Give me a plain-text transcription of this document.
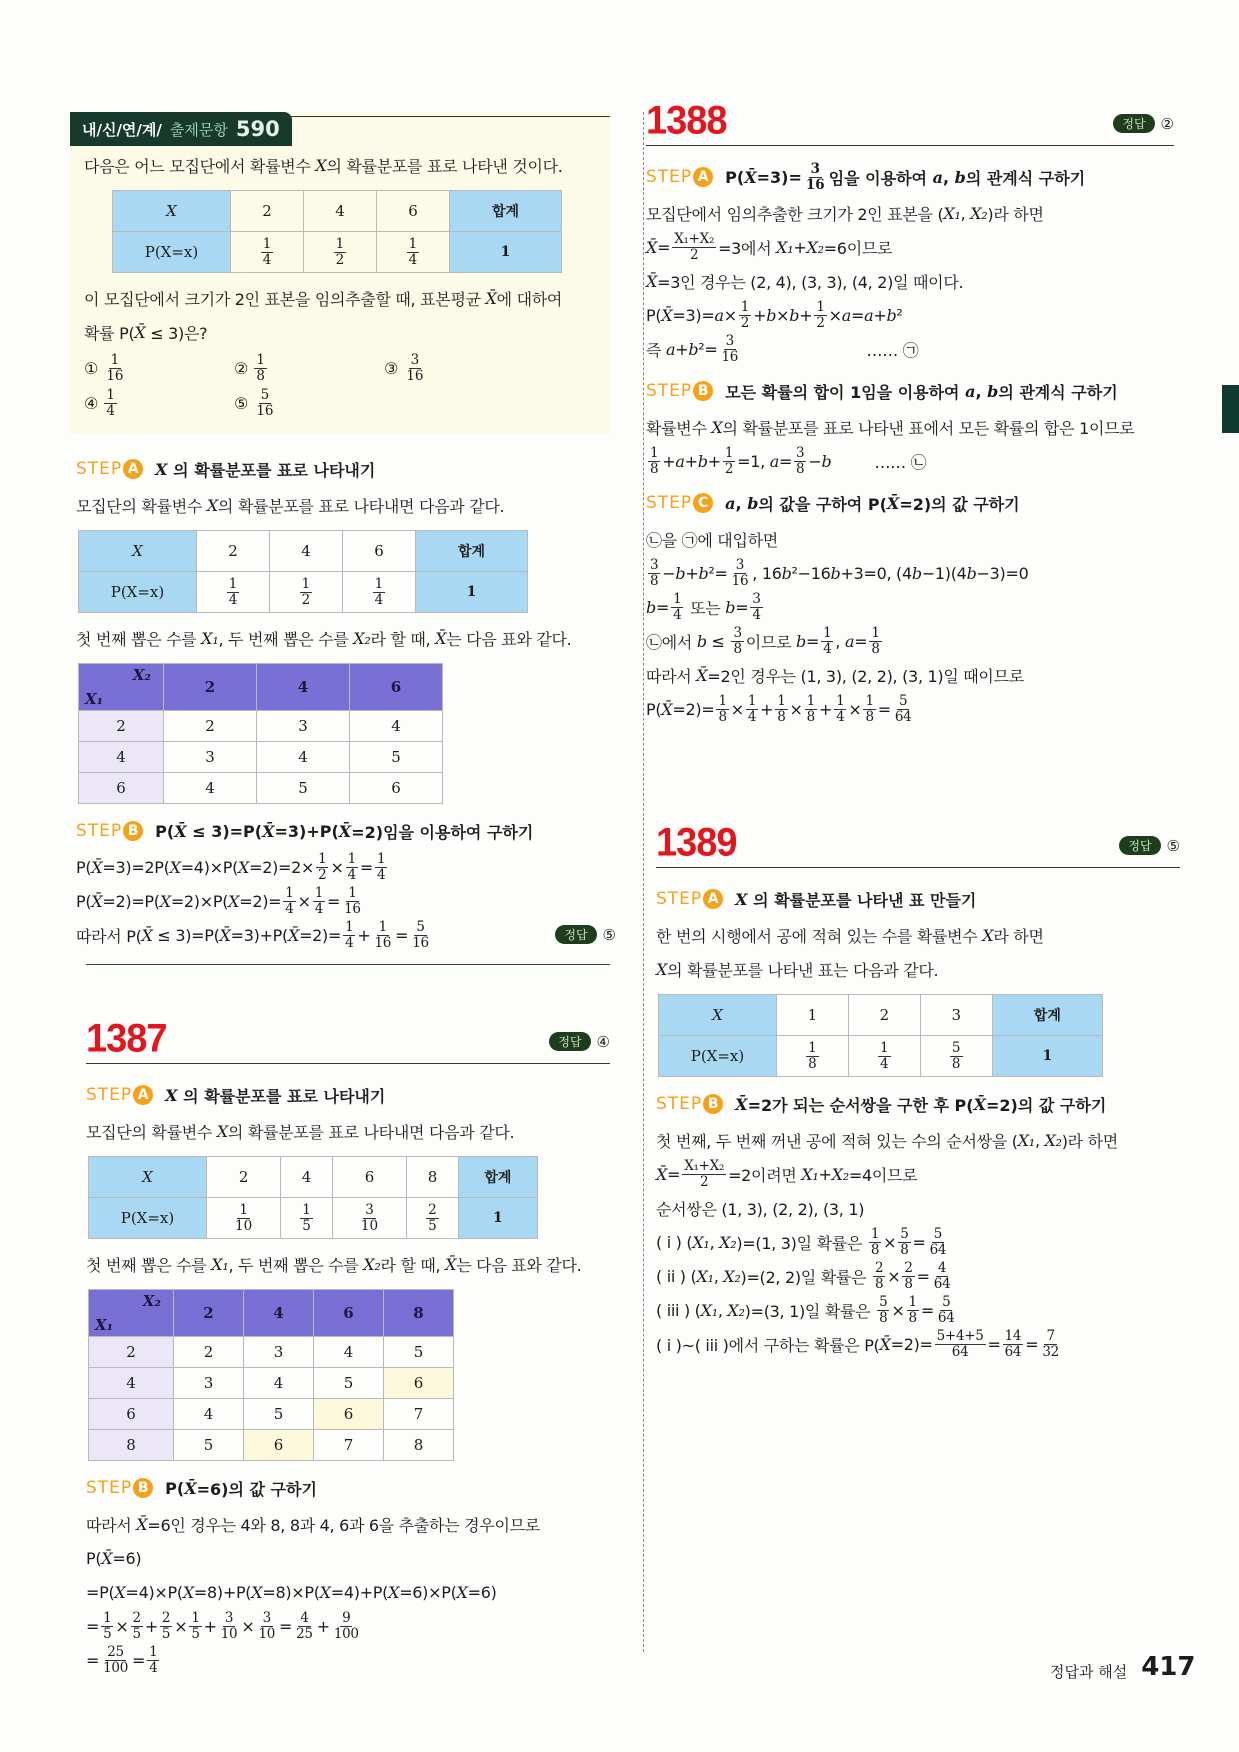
내/신/연/계/ 출제문항 590
다음은 어느 모집단에서 확률변수 X 의 확률분포를 표로 나타낸 것이다.
X	2	4	6	합계
P(X=x)	$\frac{1}{4}$	$\frac{1}{2}$	$\frac{1}{4}$	1
이 모집단에서 크기가 2인 표본을 임의추출할 때, 표본평균 X̄ 에 대하여
확률 P( X̄ ≤ 3)은?
① $\frac{1}{16}$	② $\frac{1}{8}$	③ $\frac{3}{16}$
④ $\frac{1}{4}$	⑤ $\frac{5}{16}$
STEP A X 의 확률분포를 표로 나타내기
모집단의 확률변수 X 의 확률분포를 표로 나타내면 다음과 같다.
X	2	4	6	합계
P(X=x)	$\frac{1}{4}$	$\frac{1}{2}$	$\frac{1}{4}$	1
첫 번째 뽑은 수를 X₁ , 두 번째 뽑은 수를 X₂ 라 할 때, X̄ 는 다음 표와 같다.
X₂
X₁	2	4	6
2	2	3	4
4	3	4	5
6	4	5	6
STEP B P( X̄ ≤ 3)=P( X̄ =3)+P( X̄ =2)임을 이용하여 구하기
P( X̄ =3)=2P( X =4)×P( $X =2)=2\times \frac{1}{2} \times \frac{1}{4} = \frac{1}{4}$
P( X̄ =2)=P( X =2)×P( $X =2)= \frac{1}{4} \times \frac{1}{4} = \frac{1}{16}$
따라서 P( X̄ ≤ 3)=P( X̄ =3)+P( X̄ $=2)= \frac{1}{4} + \frac{1}{16} = \frac{5}{16}$	정답	⑤
1387	정답	④
STEP A X 의 확률분포를 표로 나타내기
모집단의 확률변수 X 의 확률분포를 표로 나타내면 다음과 같다.
X	2	4	6	8	합계
P(X=x)	$\frac{1}{10}$	$\frac{1}{5}$	$\frac{3}{10}$	$\frac{2}{5}$	1
첫 번째 뽑은 수를 X₁ , 두 번째 뽑은 수를 X₂ 라 할 때, X̄ 는 다음 표와 같다.
X₂
X₁	2	4	6	8
2	2	3	4	5
4	3	4	5	6
6	4	5	6	7
8	5	6	7	8
STEP B P( X̄ =6)의 값 구하기
따라서 X̄ =6인 경우는 4와 8, 8과 4, 6과 6을 추출하는 경우이므로
P( X̄ =6)
=P( X =4)×P( X =8)+P( X =8)×P( X =4)+P( X =6)×P( X =6)
= $\frac{1}{5} \times \frac{2}{5} + \frac{2}{5} \times \frac{1}{5} + \frac{3}{10} \times \frac{3}{10} = \frac{4}{25} + \frac{9}{100}$
= $\frac{25}{100} = \frac{1}{4}$
1388	정답	②
STEP A P( X̄ $=3)= \frac{3}{16}$ 임을 이용하여 a , b 의 관계식 구하기
모집단에서 임의추출한 크기가 2인 표본을 ( X₁ , X₂ )라 하면
X̄ = $\frac{\text{X₁+X₂}}{2} =3$에서 X₁ + X₂ =6이므로
X̄ =3인 경우는 (2, 4), (3, 3), (4, 2)일 때이다.
P( X̄ $=3)= a \times \frac{1}{2} + b \times b + \frac{1}{2} \times a = a + b$ ²
즉 a + b $^2= \frac{3}{16}$ …… ㉠
STEP B 모든 확률의 합이 1임을 이용하여 a , b 의 관계식 구하기
확률변수 X 의 확률분포를 표로 나타낸 표에서 모든 확률의 합은 1이므로
$\frac{1}{8} + a + b + \frac{1}{2} =1$, $a = \frac{3}{8} - b$ …… ㉡
STEP C	a , b 의 값을 구하여 P( X̄ =2)의 값 구하기
㉡을 ㉠에 대입하면
$\frac{3}{8} - b + b$ $^2= \frac{3}{16}$ , 16 b ²−16 b +3=0, (4 b −1)(4 b −3)=0
$b = \frac{1}{4}$ 또는 $b = \frac{3}{4}$
㉡에서 $b \le \frac{3}{8}$ 이므로 $b = \frac{1}{4}$ , $a = \frac{1}{8}$
따라서 X̄ =2인 경우는 (1, 3), (2, 2), (3, 1)일 때이므로
P( X̄ $=2)= \frac{1}{8} \times \frac{1}{4} + \frac{1}{8} \times \frac{1}{8} + \frac{1}{4} \times \frac{1}{8} = \frac{5}{64}$
1389	정답	⑤
STEP A X 의 확률분포를 나타낸 표 만들기
한 번의 시행에서 공에 적혀 있는 수를 확률변수 X 라 하면
X 의 확률분포를 나타낸 표는 다음과 같다.
X	1	2	3	합계
P(X=x)	$\frac{1}{8}$	$\frac{1}{4}$	$\frac{5}{8}$	1
STEP B X̄ =2가 되는 순서쌍을 구한 후 P( X̄ =2)의 값 구하기
첫 번째, 두 번째 꺼낸 공에 적혀 있는 수의 순서쌍을 ( X₁ , X₂ )라 하면
X̄ = $\frac{\text{X₁+X₂}}{2} =2$이려면 X₁ + X₂ =4이므로
순서쌍은 (1, 3), (2, 2), (3, 1)
( i ) ( X₁ , X₂ )=(1, 3)일 확률은 $\frac{1}{8} \times \frac{5}{8} = \frac{5}{64}$
( ii ) ( X₁ , X₂ )=(2, 2)일 확률은 $\frac{2}{8} \times \frac{2}{8} = \frac{4}{64}$
( iii ) ( X₁ , X₂ )=(3, 1)일 확률은 $\frac{5}{8} \times \frac{1}{8} = \frac{5}{64}$
( i )~( iii )에서 구하는 확률은 P( X̄ $=2)= \frac{5+4+5}{64} = \frac{14}{64} = \frac{7}{32}$
정답과 해설 417
